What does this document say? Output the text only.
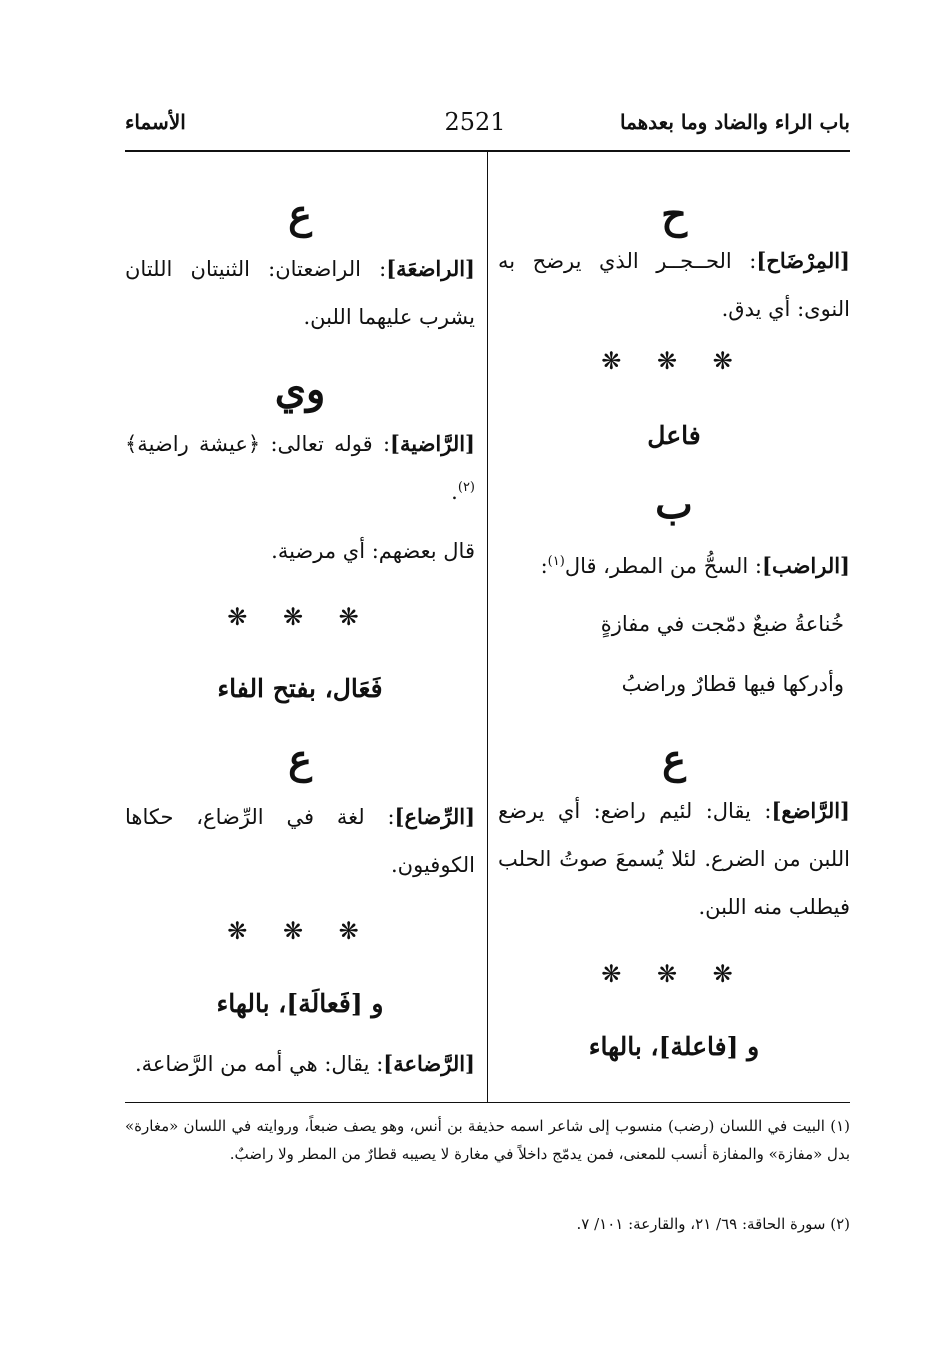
باب الراء والضاد وما بعدهما
2521
الأسماء
ح
[المِرْضَاح]: الحــجــر الذي يرضح به النوى: أي يدق.
❋ ❋ ❋
فاعل
ب
[الراضب]: السحُّ من المطر، قال$^{(١)}$:
خُناعةُ ضبعٌ دمّجت في مفازةٍ
وأدركها فيها قطارٌ وراضبُ
ع
[الرَّاضع]: يقال: لئيم راضع: أي يرضع اللبن من الضرع. لئلا يُسمعَ صوتُ الحلب فيطلب منه اللبن.
❋ ❋ ❋
و [فاعلة]، بالهاء
ع
[الراضعَة]: الراضعتان: الثنيتان اللتان يشرب عليهما اللبن.
وي
[الرَّاضية]: قوله تعالى: ﴿عيشة راضية﴾$^{(٢)}$.
قال بعضهم: أي مرضية.
❋ ❋ ❋
فَعَال، بفتح الفاء
ع
[الرِّضاع]: لغة في الرِّضاع، حكاها الكوفيون.
❋ ❋ ❋
و [فَعالَة]، بالهاء
[الرَّضاعة]: يقال: هي أمه من الرَّضاعة.
(١) البيت في اللسان (رضب) منسوب إلى شاعر اسمه حذيفة بن أنس، وهو يصف ضبعاً، وروايته في اللسان «مغارة» بدل «مفازة» والمفازة أنسب للمعنى، فمن يدمّج داخلاً في مغارة لا يصيبه قطارٌ من المطر ولا راضبٌ.
(٢) سورة الحاقة: ٦٩/ ٢١، والقارعة: ١٠١/ ٧.
